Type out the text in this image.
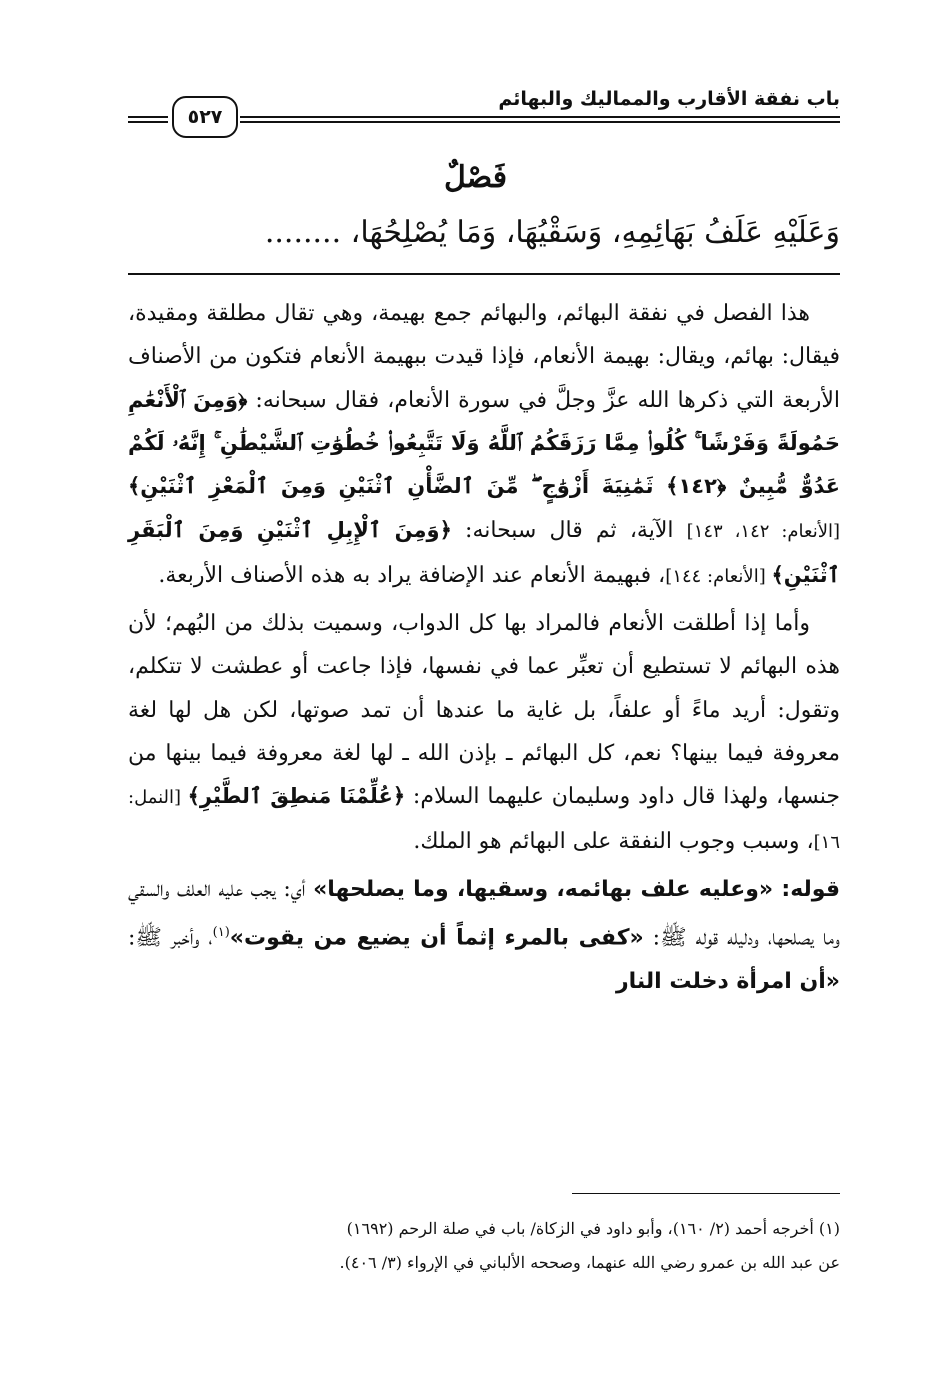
باب نفقة الأقارب والمماليك والبهائم
٥٢٧
فَصْلٌ
وَعَلَيْهِ عَلَفُ بَهَائِمِهِ، وَسَقْيُهَا، وَمَا يُصْلِحُهَا، ........

هذا الفصل في نفقة البهائم، والبهائم جمع بهيمة، وهي تقال مطلقة ومقيدة، فيقال: بهائم، ويقال: بهيمة الأنعام، فإذا قيدت ببهيمة الأنعام فتكون من الأصناف الأربعة التي ذكرها الله عزَّ وجلَّ في سورة الأنعام، فقال سبحانه: ﴿وَمِنَ ٱلْأَنْعَٰمِ حَمُولَةً وَفَرْشًا ۚ كُلُوا۟ مِمَّا رَزَقَكُمُ ٱللَّهُ وَلَا تَتَّبِعُوا۟ خُطُوَٰتِ ٱلشَّيْطَٰنِ ۚ إِنَّهُۥ لَكُمْ عَدُوٌّ مُّبِينٌ ﴿١٤٢﴾ ثَمَٰنِيَةَ أَزْوَٰجٍ ۖ مِّنَ ٱلضَّأْنِ ٱثْنَيْنِ وَمِنَ ٱلْمَعْزِ ٱثْنَيْنِ﴾ [الأنعام: ١٤٢، ١٤٣] الآية، ثم قال سبحانه: ﴿وَمِنَ ٱلْإِبِلِ ٱثْنَيْنِ وَمِنَ ٱلْبَقَرِ ٱثْنَيْنِ﴾ [الأنعام: ١٤٤]، فبهيمة الأنعام عند الإضافة يراد به هذه الأصناف الأربعة.

وأما إذا أطلقت الأنعام فالمراد بها كل الدواب، وسميت بذلك من البُهم؛ لأن هذه البهائم لا تستطيع أن تعبِّر عما في نفسها، فإذا جاعت أو عطشت لا تتكلم، وتقول: أريد ماءً أو علفاً، بل غاية ما عندها أن تمد صوتها، لكن هل لها لغة معروفة فيما بينها؟ نعم، كل البهائم ـ بإذن الله ـ لها لغة معروفة فيما بينها من جنسها، ولهذا قال داود وسليمان عليهما السلام: ﴿عُلِّمْنَا مَنطِقَ ٱلطَّيْرِ﴾ [النمل: ١٦]، وسبب وجوب النفقة على البهائم هو الملك.

قوله: «وعليه علف بهائمه، وسقيها، وما يصلحها» أي: يجب عليه العلف والسقي وما يصلحها، ودليله قوله ﷺ: «كفى بالمرء إثماً أن يضيع من يقوت»$^{(١)}$، وأخبر ﷺ: «أن امرأة دخلت النار

(١) أخرجه أحمد (٢/ ١٦٠)، وأبو داود في الزكاة/ باب في صلة الرحم (١٦٩٢)

عن عبد الله بن عمرو رضي الله عنهما، وصححه الألباني في الإرواء (٣/ ٤٠٦).
